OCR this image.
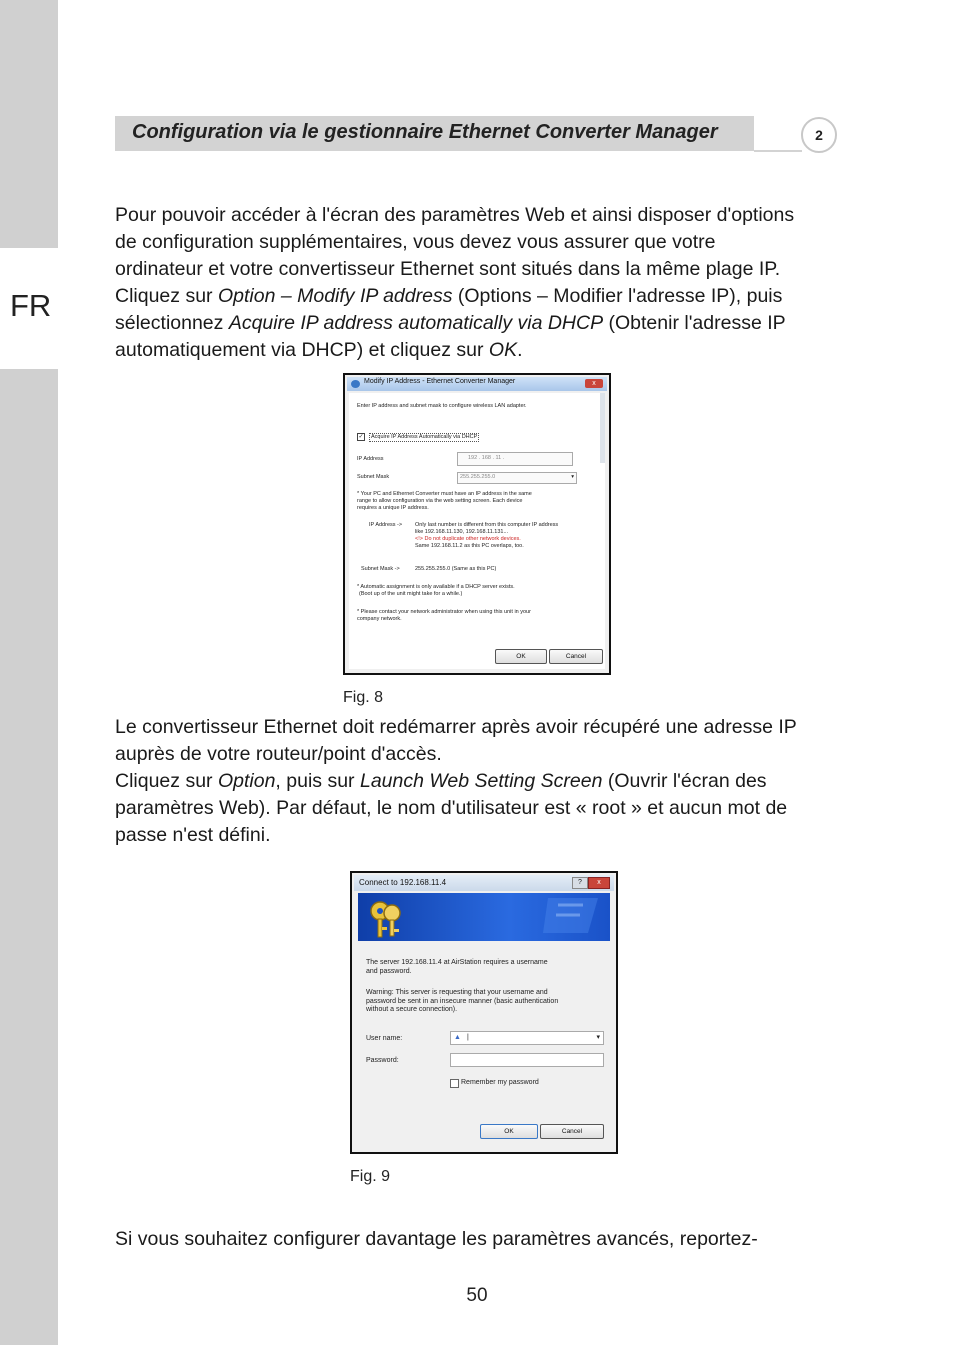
FR
Configuration via le gestionnaire Ethernet Converter Manager	2

Pour pouvoir accéder à l'écran des paramètres Web et ainsi disposer d'options

de configuration supplémentaires, vous devez vous assurer que votre

ordinateur et votre convertisseur Ethernet sont situés dans la même plage IP.

Cliquez sur Option – Modify IP address (Options – Modifier l'adresse IP), puis

sélectionnez Acquire IP address automatically via DHCP (Obtenir l'adresse IP

automatiquement via DHCP) et cliquez sur OK.

Modify IP Address - Ethernet Converter Manager	x
Enter IP address and subnet mask to configure wireless LAN adapter.
✓	Acquire IP Address Automatically via DHCP
IP Address	192 . 168 . 11 .
Subnet Mask	255.255.255.0	▾
* Your PC and Ethernet Converter must have an IP address in the same
range to allow configuration via the web setting screen. Each device
requires a unique IP address.
IP Address -> Only last number is different from this computer IP address
like 192.168.11.130, 192.168.11.131...
<!> Do not duplicate other network devices.
Same 192.168.11.2 as this PC overlaps, too.
Subnet Mask ->	255.255.255.0 (Same as this PC)
* Automatic assignment is only available if a DHCP server exists.
(Boot up of the unit might take for a while.)
* Please contact your network administrator when using this unit in your
company network.
OK	Cancel
Fig. 8

Le convertisseur Ethernet doit redémarrer après avoir récupéré une adresse IP

auprès de votre routeur/point d'accès.

Cliquez sur Option, puis sur Launch Web Setting Screen (Ouvrir l'écran des

paramètres Web). Par défaut, le nom d'utilisateur est « root » et aucun mot de

passe n'est défini.

Connect to 192.168.11.4	?	x
The server 192.168.11.4 at AirStation requires a username
and password.
Warning: This server is requesting that your username and
password be sent in an insecure manner (basic authentication
without a secure connection).
User name:	▲ |	▾
Password:
Remember my password
OK	Cancel
Fig. 9

Si vous souhaitez configurer davantage les paramètres avancés, reportez-

50
